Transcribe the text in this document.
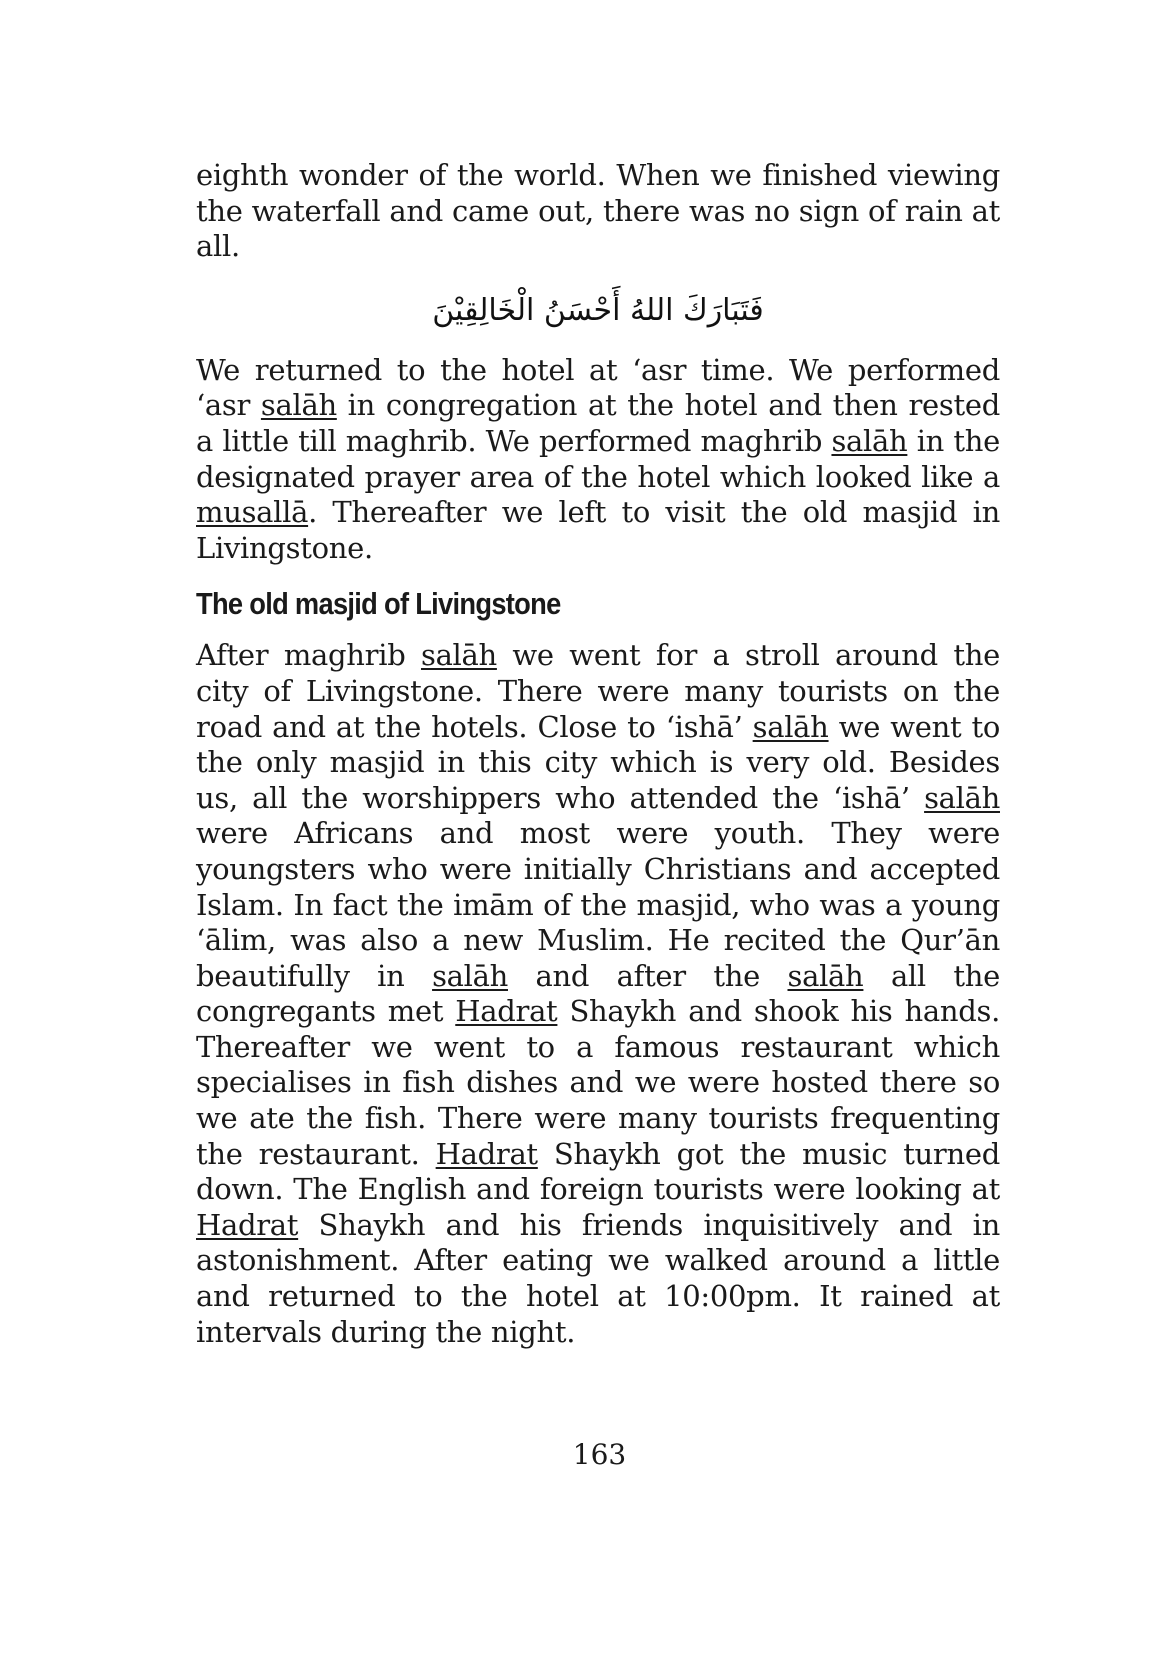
eighth wonder of the world. When we finished viewing the waterfall and came out, there was no sign of rain at all.

فَتَبَارَكَ اللهُ أَحْسَنُ الْخَالِقِيْنَ

We returned to the hotel at ‘asr time. We performed ‘asr salāh in congregation at the hotel and then rested a little till maghrib. We performed maghrib salāh in the designated prayer area of the hotel which looked like a musallā. Thereafter we left to visit the old masjid in Livingstone.

The old masjid of Livingstone

After maghrib salāh we went for a stroll around the city of Livingstone. There were many tourists on the road and at the hotels. Close to ‘ishā’ salāh we went to the only masjid in this city which is very old. Besides us, all the worshippers who attended the ‘ishā’ salāh were Africans and most were youth. They were youngsters who were initially Christians and accepted Islam. In fact the imām of the masjid, who was a young ‘ālim, was also a new Muslim. He recited the Qur’ān beautifully in salāh and after the salāh all the congregants met Hadrat Shaykh and shook his hands. Thereafter we went to a famous restaurant which specialises in fish dishes and we were hosted there so we ate the fish. There were many tourists frequenting the restaurant. Hadrat Shaykh got the music turned down. The English and foreign tourists were looking at Hadrat Shaykh and his friends inquisitively and in astonishment. After eating we walked around a little and returned to the hotel at 10:00pm. It rained at intervals during the night.

163
